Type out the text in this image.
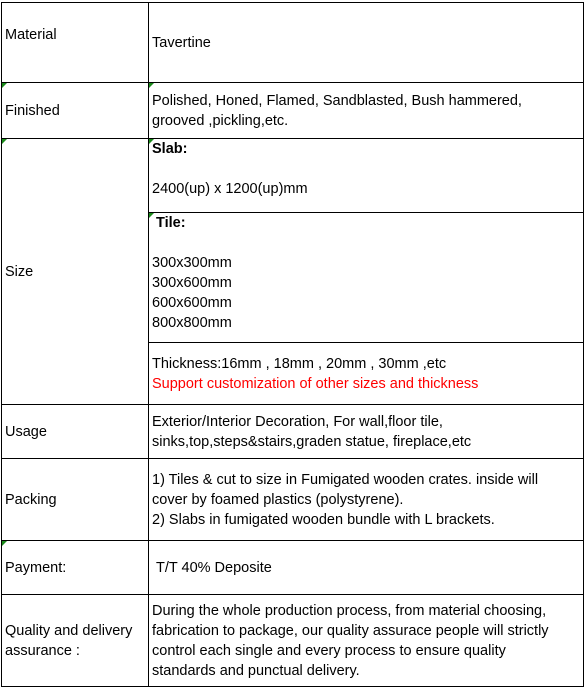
Material	Tavertine
Finished	Polished, Honed, Flamed, Sandblasted, Bush hammered,
grooved ,pickling,etc.

Size	Slab:
2400(up) x 1200(up)mm

	Tile:
300x300mm
300x600mm
600x600mm
800x800mm

	Thickness:16mm , 18mm , 20mm , 30mm ,etc
Support customization of other sizes and thickness

Usage	Exterior/Interior Decoration, For wall,floor tile,
sinks,top,steps&stairs,graden statue, fireplace,etc

Packing	1) Tiles & cut to size in Fumigated wooden crates. inside will
cover by foamed plastics (polystyrene).
2) Slabs in fumigated wooden bundle with L brackets.

Payment:	T/T 40% Deposite

Quality and delivery
assurance :	During the whole production process, from material choosing,
fabrication to package, our quality assurace people will strictly
control each single and every process to ensure quality
standards and punctual delivery.
